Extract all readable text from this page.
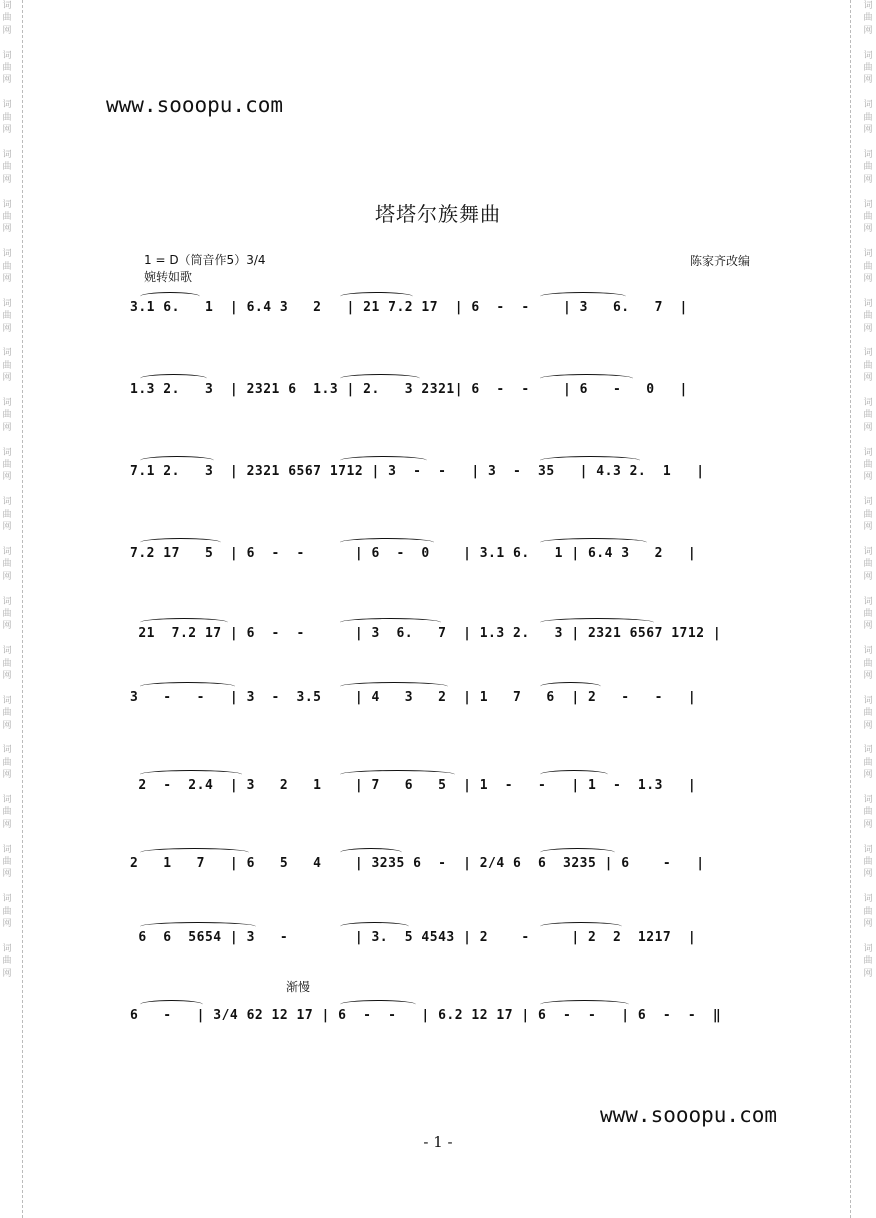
词
曲
网

词
曲
网

词
曲
网

词
曲
网

词
曲
网

词
曲
网

词
曲
网

词
曲
网

词
曲
网

词
曲
网

词
曲
网

词
曲
网

词
曲
网

词
曲
网

词
曲
网

词
曲
网

词
曲
网

词
曲
网

词
曲
网

词
曲
网

词
曲
网

词
曲
网

词
曲
网

词
曲
网

词
曲
网

词
曲
网

词
曲
网

词
曲
网

词
曲
网

词
曲
网

词
曲
网

词
曲
网

词
曲
网

词
曲
网

词
曲
网

词
曲
网

词
曲
网

词
曲
网

词
曲
网

词
曲
网

www.sooopu.com
塔塔尔族舞曲
1 = D（筒音作5）3/4
婉转如歌
陈家齐改编
渐慢
3.1 6.   1  | 6.4 3   2   | 21 7.2 17  | 6  -  -    | 3   6.   7  |
1.3 2.   3  | 2321 6  1.3 | 2.   3 2321| 6  -  -    | 6   -   0   |
7.1 2.   3  | 2321 6567 1712 | 3  -  -   | 3  -  35   | 4.3 2.  1   |
7.2 17   5  | 6  -  -      | 6  -  0    | 3.1 6.   1 | 6.4 3   2   |
21  7.2 17 | 6  -  -      | 3  6.   7  | 1.3 2.   3 | 2321 6567 1712 |
3   -   -   | 3  -  3.5    | 4   3   2  | 1   7   6  | 2   -   -   |
2  -  2.4  | 3   2   1    | 7   6   5  | 1  -   -   | 1  -  1.3   |
2   1   7   | 6   5   4    | 3235 6  -  | 2/4 6  6  3235 | 6    -   |
6  6  5654 | 3   -        | 3.  5 4543 | 2    -     | 2  2  1217  |
6   -   | 3/4 62 12 17 | 6  -  -   | 6.2 12 17 | 6  -  -   | 6  -  -  ‖
www.sooopu.com
- 1 -
